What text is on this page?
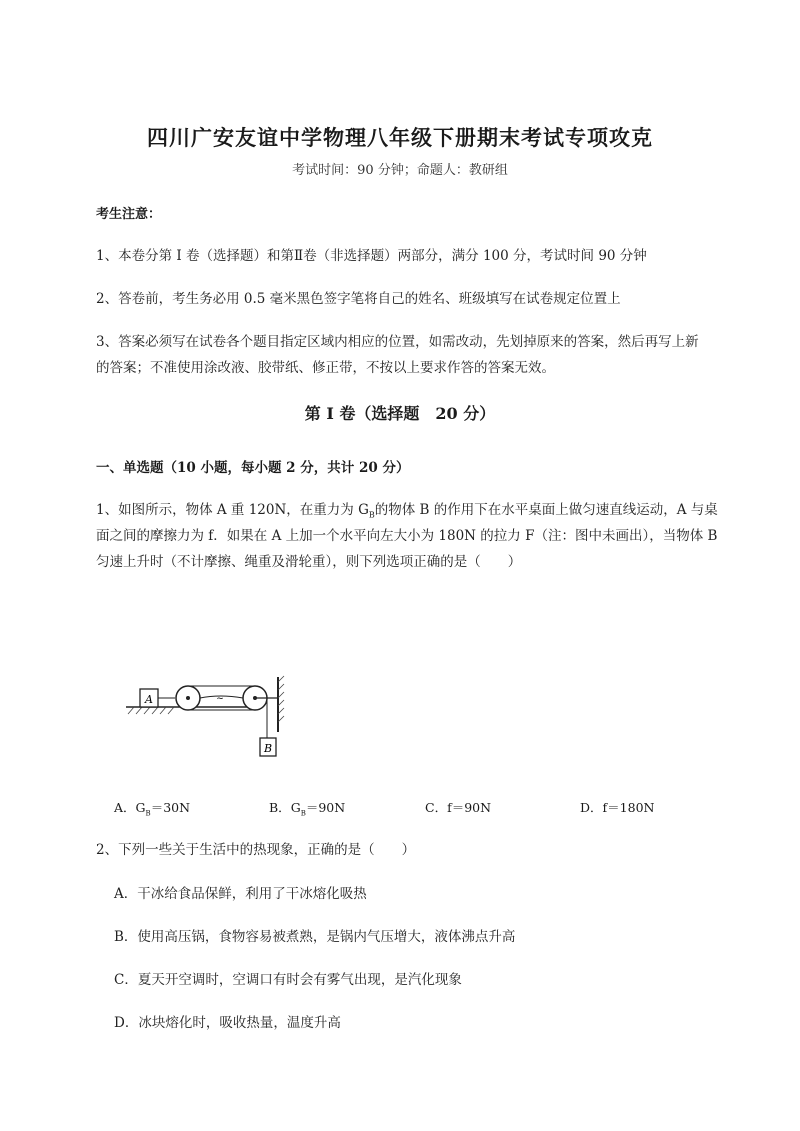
四川广安友谊中学物理八年级下册期末考试专项攻克
考试时间：90 分钟；命题人：教研组
考生注意：
1、本卷分第 I 卷（选择题）和第Ⅱ卷（非选择题）两部分，满分 100 分，考试时间 90 分钟
2、答卷前，考生务必用 0.5 毫米黑色签字笔将自己的姓名、班级填写在试卷规定位置上
3、答案必须写在试卷各个题目指定区域内相应的位置，如需改动，先划掉原来的答案，然后再写上新
的答案；不准使用涂改液、胶带纸、修正带，不按以上要求作答的答案无效。
第 I 卷（选择题　20 分）
一、单选题（10 小题，每小题 2 分，共计 20 分）
1、如图所示，物体 A 重 120N，在重力为 $G_B$的物体 B 的作用下在水平桌面上做匀速直线运动，A 与桌
面之间的摩擦力为 f．如果在 A 上加一个水平向左大小为 180N 的拉力 F（注：图中未画出），当物体 B
匀速上升时（不计摩擦、绳重及滑轮重），则下列选项正确的是（　　）
A	~
B
A．$G_B=30N$	B．$G_B=90N$	C．f＝90N	D．f＝180N
2、下列一些关于生活中的热现象，正确的是（　　）
A．干冰给食品保鲜，利用了干冰熔化吸热
B．使用高压锅，食物容易被煮熟，是锅内气压增大，液体沸点升高
C．夏天开空调时，空调口有时会有雾气出现，是汽化现象
D．冰块熔化时，吸收热量，温度升高
